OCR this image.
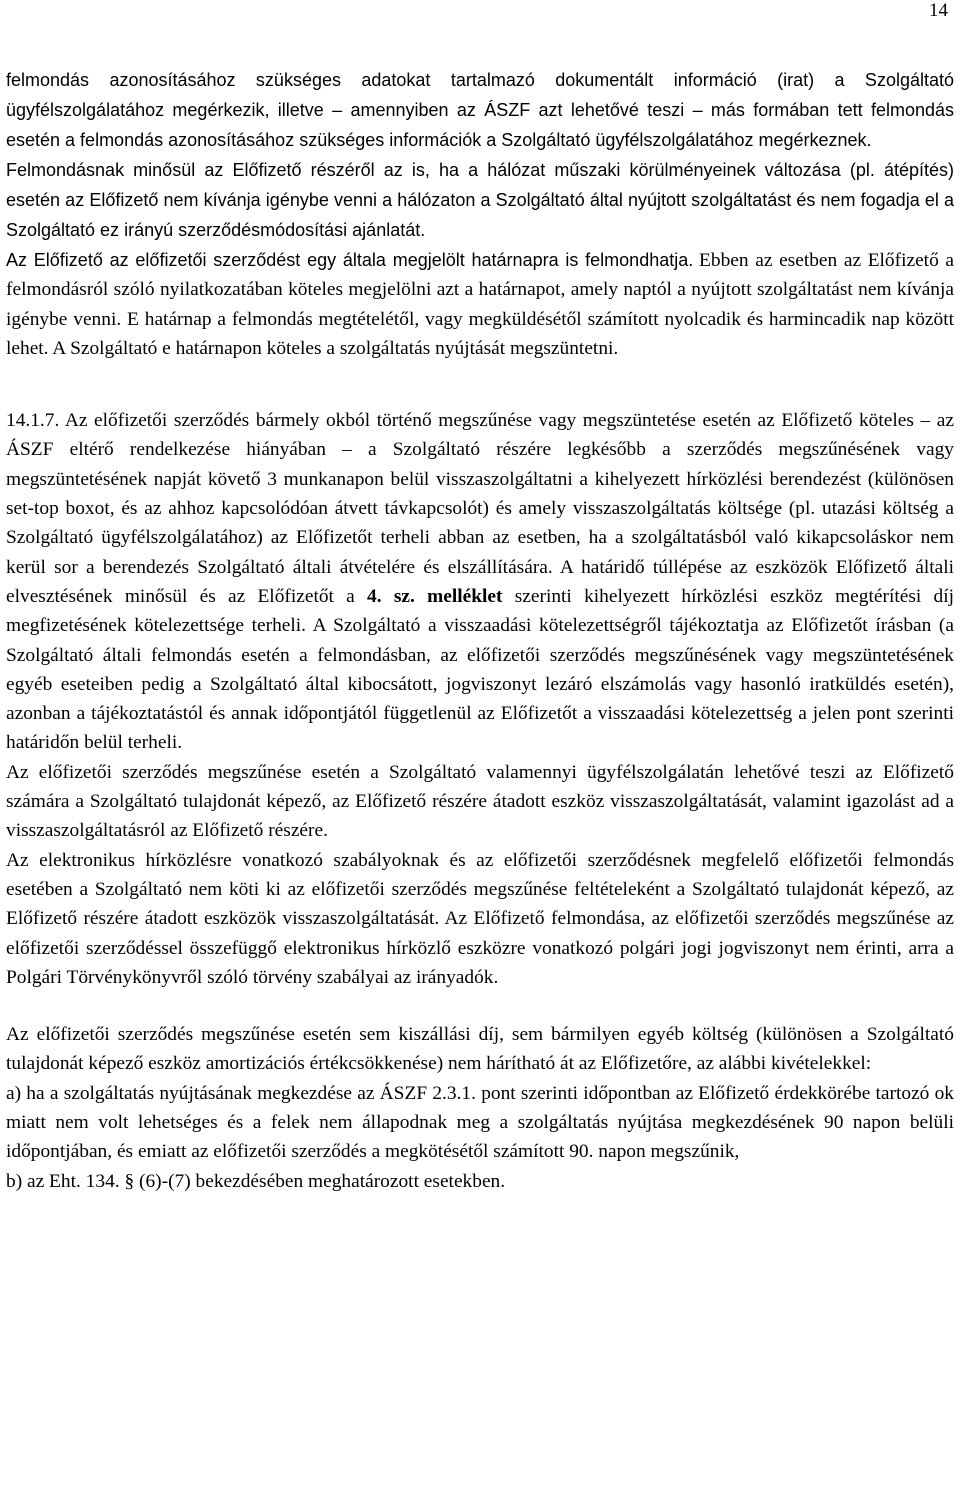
14

felmondás azonosításához szükséges adatokat tartalmazó dokumentált információ (irat) a Szolgáltató ügyfélszolgálatához megérkezik, illetve – amennyiben az ÁSZF azt lehetővé teszi – más formában tett felmondás esetén a felmondás azonosításához szükséges információk a Szolgáltató ügyfélszolgálatához megérkeznek.

Felmondásnak minősül az Előfizető részéről az is, ha a hálózat műszaki körülményeinek változása (pl. átépítés) esetén az Előfizető nem kívánja igénybe venni a hálózaton a Szolgáltató által nyújtott szolgáltatást és nem fogadja el a Szolgáltató ez irányú szerződésmódosítási ajánlatát.

Az Előfizető az előfizetői szerződést egy általa megjelölt határnapra is felmondhatja. Ebben az esetben az Előfizető a felmondásról szóló nyilatkozatában köteles megjelölni azt a határnapot, amely naptól a nyújtott szolgáltatást nem kívánja igénybe venni. E határnap a felmondás megtételétől, vagy megküldésétől számított nyolcadik és harmincadik nap között lehet. A Szolgáltató e határnapon köteles a szolgáltatás nyújtását megszüntetni.

14.1.7. Az előfizetői szerződés bármely okból történő megszűnése vagy megszüntetése esetén az Előfizető köteles – az ÁSZF eltérő rendelkezése hiányában – a Szolgáltató részére legkésőbb a szerződés megszűnésének vagy megszüntetésének napját követő 3 munkanapon belül visszaszolgáltatni a kihelyezett hírközlési berendezést (különösen set-top boxot, és az ahhoz kapcsolódóan átvett távkapcsolót) és amely visszaszolgáltatás költsége (pl. utazási költség a Szolgáltató ügyfélszolgálatához) az Előfizetőt terheli abban az esetben, ha a szolgáltatásból való kikapcsoláskor nem kerül sor a berendezés Szolgáltató általi átvételére és elszállítására. A határidő túllépése az eszközök Előfizető általi elvesztésének minősül és az Előfizetőt a 4. sz. melléklet szerinti kihelyezett hírközlési eszköz megtérítési díj megfizetésének kötelezettsége terheli. A Szolgáltató a visszaadási kötelezettségről tájékoztatja az Előfizetőt írásban (a Szolgáltató általi felmondás esetén a felmondásban, az előfizetői szerződés megszűnésének vagy megszüntetésének egyéb eseteiben pedig a Szolgáltató által kibocsátott, jogviszonyt lezáró elszámolás vagy hasonló iratküldés esetén), azonban a tájékoztatástól és annak időpontjától függetlenül az Előfizetőt a visszaadási kötelezettség a jelen pont szerinti határidőn belül terheli.

Az előfizetői szerződés megszűnése esetén a Szolgáltató valamennyi ügyfélszolgálatán lehetővé teszi az Előfizető számára a Szolgáltató tulajdonát képező, az Előfizető részére átadott eszköz visszaszolgáltatását, valamint igazolást ad a visszaszolgáltatásról az Előfizető részére.

Az elektronikus hírközlésre vonatkozó szabályoknak és az előfizetői szerződésnek megfelelő előfizetői felmondás esetében a Szolgáltató nem köti ki az előfizetői szerződés megszűnése feltételeként a Szolgáltató tulajdonát képező, az Előfizető részére átadott eszközök visszaszolgáltatását. Az Előfizető felmondása, az előfizetői szerződés megszűnése az előfizetői szerződéssel összefüggő elektronikus hírközlő eszközre vonatkozó polgári jogi jogviszonyt nem érinti, arra a Polgári Törvénykönyvről szóló törvény szabályai az irányadók.

Az előfizetői szerződés megszűnése esetén sem kiszállási díj, sem bármilyen egyéb költség (különösen a Szolgáltató tulajdonát képező eszköz amortizációs értékcsökkenése) nem hárítható át az Előfizetőre, az alábbi kivételekkel:

a) ha a szolgáltatás nyújtásának megkezdése az ÁSZF 2.3.1. pont szerinti időpontban az Előfizető érdekkörébe tartozó ok miatt nem volt lehetséges és a felek nem állapodnak meg a szolgáltatás nyújtása megkezdésének 90 napon belüli időpontjában, és emiatt az előfizetői szerződés a megkötésétől számított 90. napon megszűnik,

b) az Eht. 134. § (6)-(7) bekezdésében meghatározott esetekben.
